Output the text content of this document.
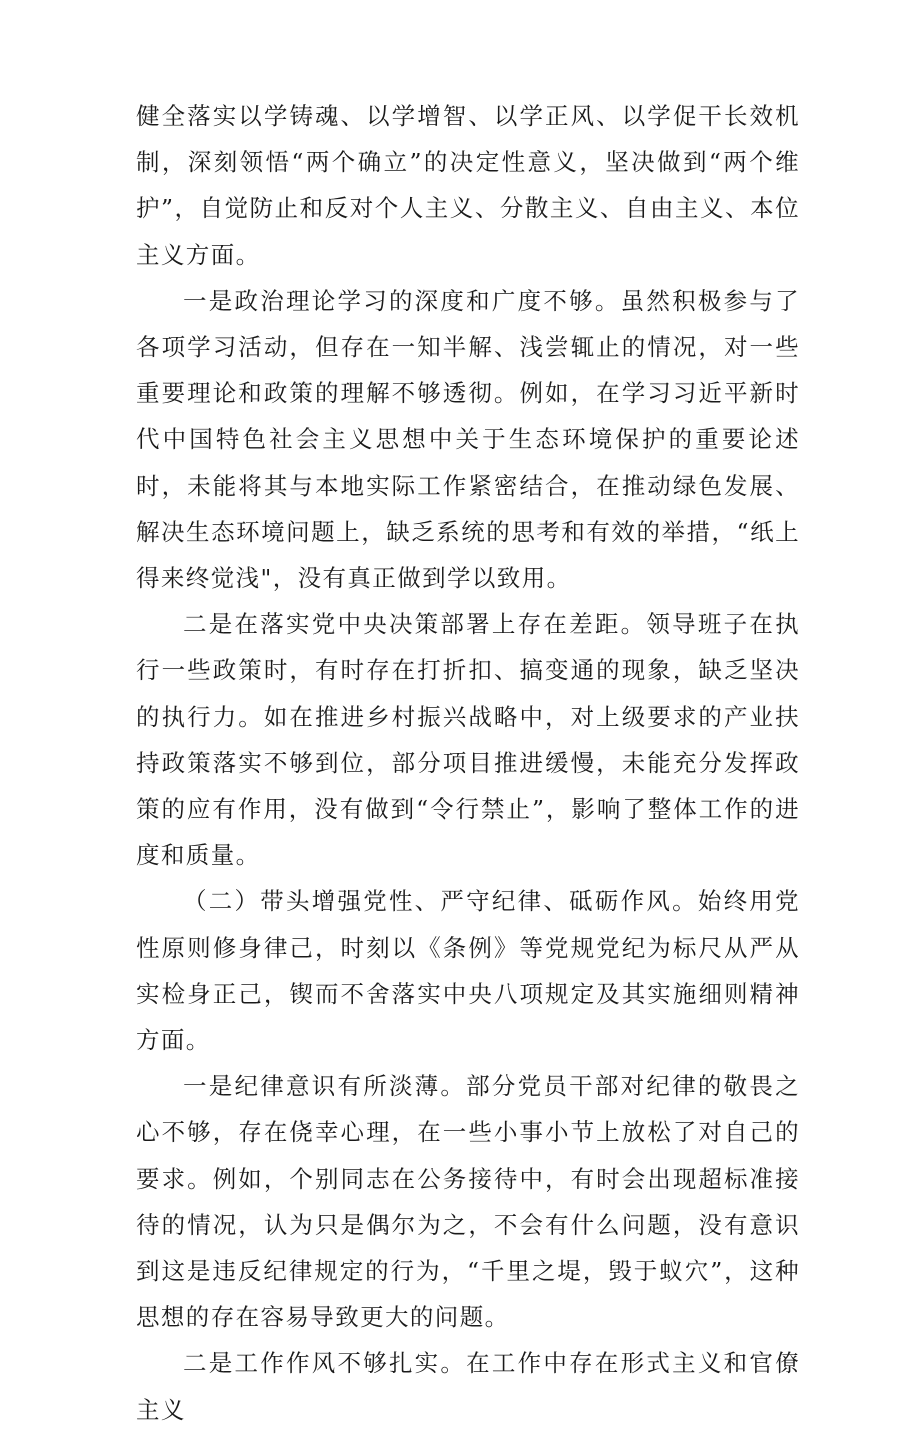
健全落实以学铸魂、以学增智、以学正风、以学促干长效机制，深刻领悟“两个确立”的决定性意义，坚决做到“两个维护”，自觉防止和反对个人主义、分散主义、自由主义、本位主义方面。

一是政治理论学习的深度和广度不够。虽然积极参与了各项学习活动，但存在一知半解、浅尝辄止的情况，对一些重要理论和政策的理解不够透彻。例如，在学习习近平新时代中国特色社会主义思想中关于生态环境保护的重要论述时，未能将其与本地实际工作紧密结合，在推动绿色发展、解决生态环境问题上，缺乏系统的思考和有效的举措，“纸上得来终觉浅"，没有真正做到学以致用。

二是在落实党中央决策部署上存在差距。领导班子在执行一些政策时，有时存在打折扣、搞变通的现象，缺乏坚决的执行力。如在推进乡村振兴战略中，对上级要求的产业扶持政策落实不够到位，部分项目推进缓慢，未能充分发挥政策的应有作用，没有做到“令行禁止”，影响了整体工作的进度和质量。

（二）带头增强党性、严守纪律、砥砺作风。始终用党性原则修身律己，时刻以《条例》等党规党纪为标尺从严从实检身正己，锲而不舍落实中央八项规定及其实施细则精神方面。

一是纪律意识有所淡薄。部分党员干部对纪律的敬畏之心不够，存在侥幸心理，在一些小事小节上放松了对自己的要求。例如，个别同志在公务接待中，有时会出现超标准接待的情况，认为只是偶尔为之，不会有什么问题，没有意识到这是违反纪律规定的行为，“千里之堤，毁于蚁穴”，这种思想的存在容易导致更大的问题。

二是工作作风不够扎实。在工作中存在形式主义和官僚主义
